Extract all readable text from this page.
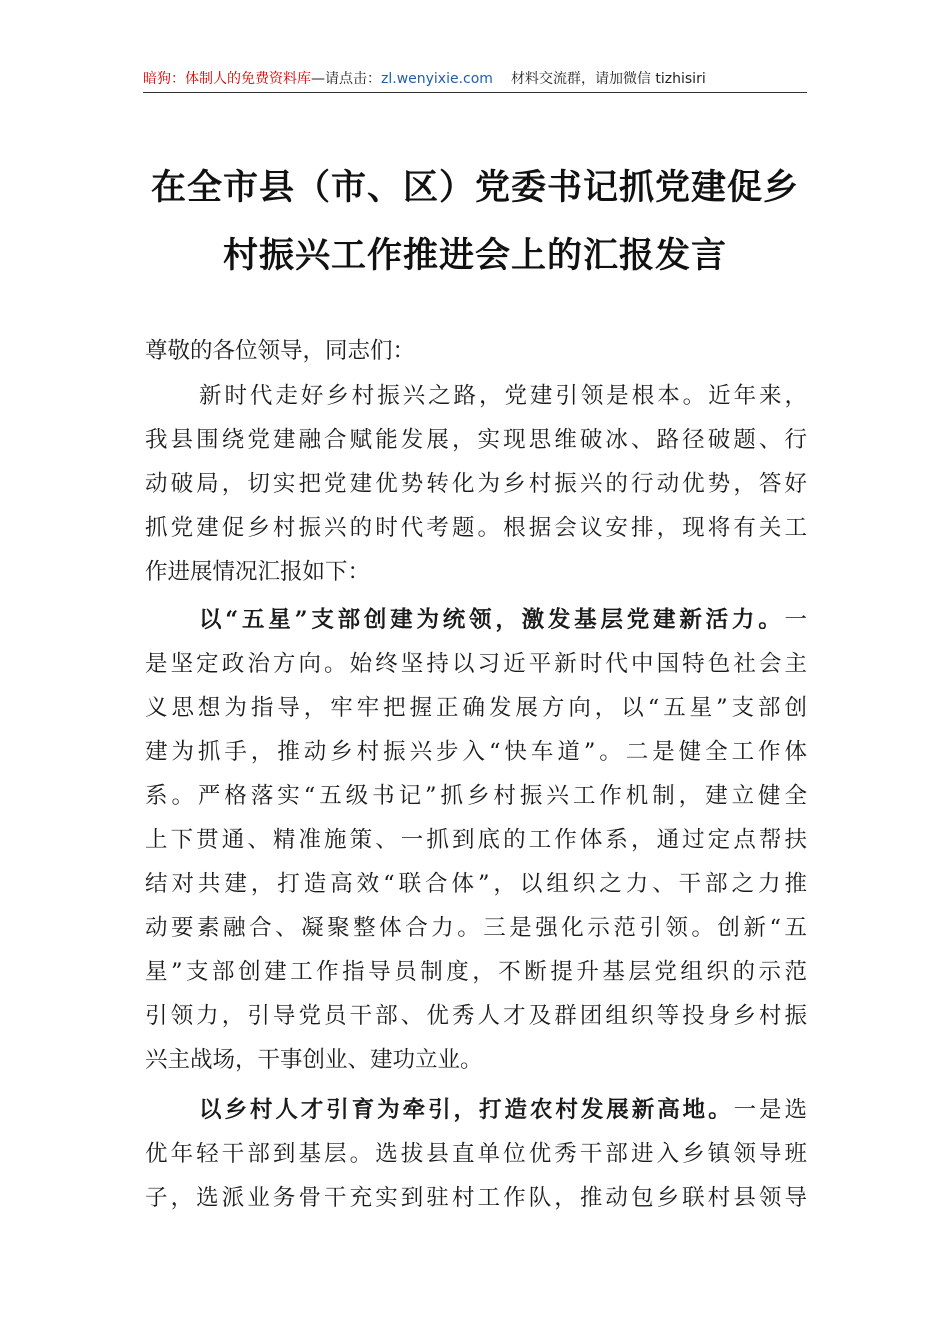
暗狗：体制人的免费资料库—请点击：zl.wenyixie.com 材料交流群，请加微信 tizhisiri
在全市县（市、区）党委书记抓党建促乡
村振兴工作推进会上的汇报发言
尊敬的各位领导，同志们：
新时代走好乡村振兴之路，党建引领是根本。近年来，
我县围绕党建融合赋能发展，实现思维破冰、路径破题、行
动破局，切实把党建优势转化为乡村振兴的行动优势，答好
抓党建促乡村振兴的时代考题。根据会议安排，现将有关工
作进展情况汇报如下：
以“五星”支部创建为统领，激发基层党建新活力。一
是坚定政治方向。始终坚持以习近平新时代中国特色社会主
义思想为指导，牢牢把握正确发展方向，以“五星”支部创
建为抓手，推动乡村振兴步入“快车道”。二是健全工作体
系。严格落实“五级书记”抓乡村振兴工作机制，建立健全
上下贯通、精准施策、一抓到底的工作体系，通过定点帮扶
结对共建，打造高效“联合体”，以组织之力、干部之力推
动要素融合、凝聚整体合力。三是强化示范引领。创新“五
星”支部创建工作指导员制度，不断提升基层党组织的示范
引领力，引导党员干部、优秀人才及群团组织等投身乡村振
兴主战场，干事创业、建功立业。
以乡村人才引育为牵引，打造农村发展新高地。一是选
优年轻干部到基层。选拔县直单位优秀干部进入乡镇领导班
子，选派业务骨干充实到驻村工作队，推动包乡联村县领导
